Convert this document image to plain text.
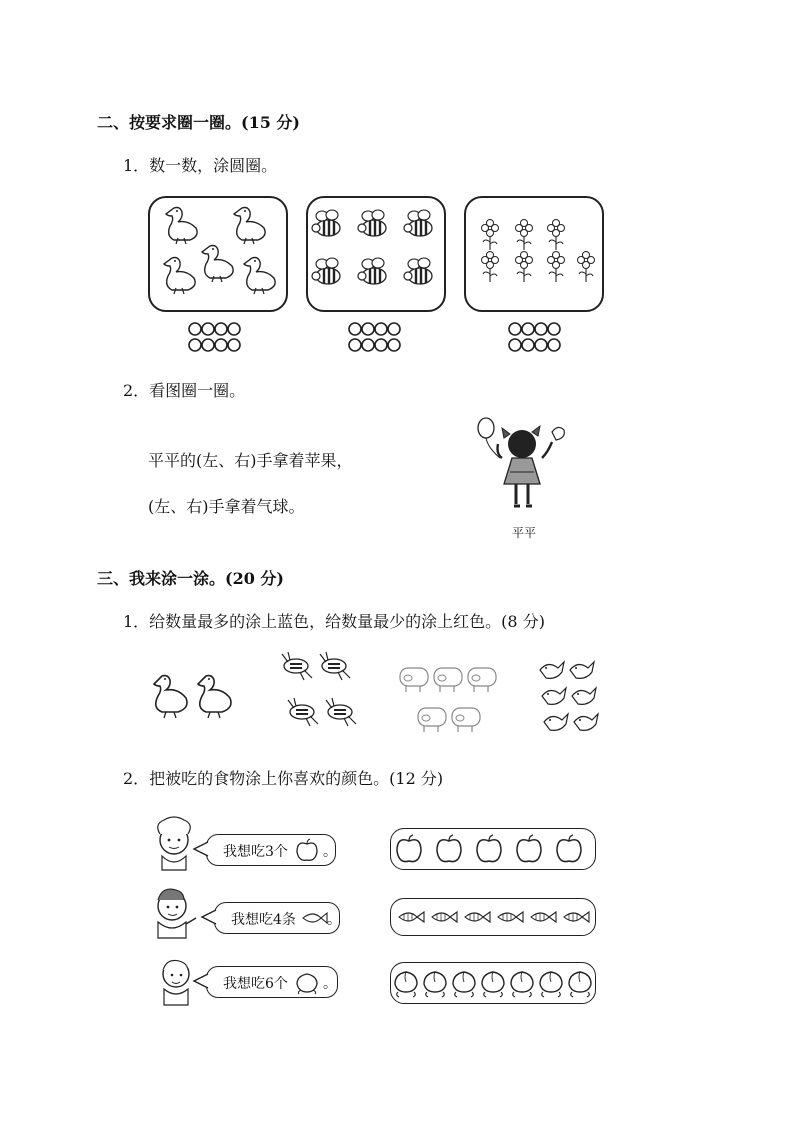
二、按要求圈一圈。(15 分)
1．数一数，涂圆圈。
2．看图圈一圈。
平平的(左、右)手拿着苹果，
(左、右)手拿着气球。
平平
三、我来涂一涂。(20 分)
1．给数量最多的涂上蓝色，给数量最少的涂上红色。(8 分)
2．把被吃的食物涂上你喜欢的颜色。(12 分)
我想吃3个	。
我想吃4条 。
我想吃6个	。
